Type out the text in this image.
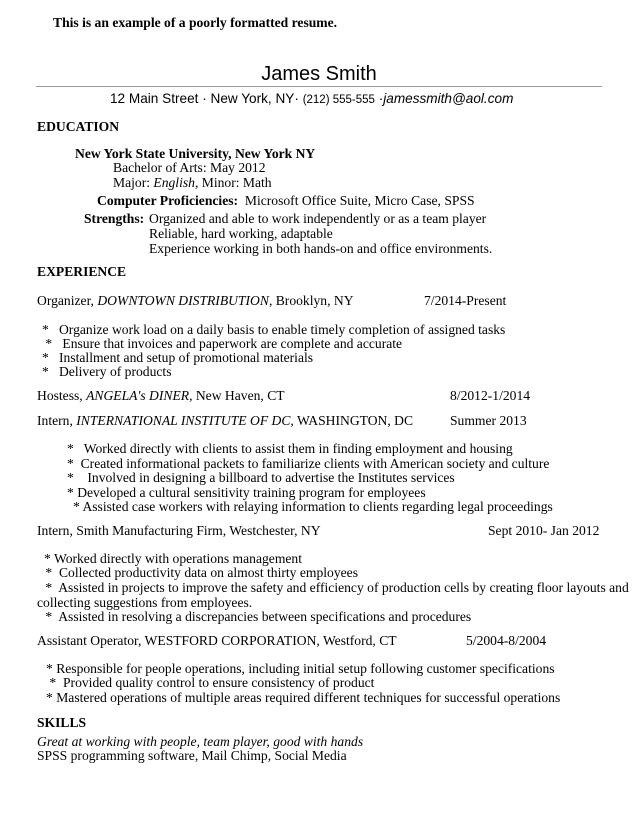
This is an example of a poorly formatted resume.
James Smith
12 Main Street · New York, NY· (212) 555-555 ·jamessmith@aol.com
EDUCATION
New York State University, New York NY
Bachelor of Arts: May 2012
Major: English, Minor: Math
Computer Proficiencies: Microsoft Office Suite, Micro Case, SPSS
Strengths: Organized and able to work independently or as a team player
Reliable, hard working, adaptable
Experience working in both hands-on and office environments.
EXPERIENCE
Organizer, DOWNTOWN DISTRIBUTION, Brooklyn, NY	7/2014-Present
*   Organize work load on a daily basis to enable timely completion of assigned tasks
*   Ensure that invoices and paperwork are complete and accurate
*   Installment and setup of promotional materials
*   Delivery of products
Hostess, ANGELA's DINER, New Haven, CT	8/2012-1/2014
Intern, INTERNATIONAL INSTITUTE OF DC, WASHINGTON, DC	Summer 2013
*   Worked directly with clients to assist them in finding employment and housing
*  Created informational packets to familiarize clients with American society and culture
*    Involved in designing a billboard to advertise the Institutes services
* Developed a cultural sensitivity training program for employees
* Assisted case workers with relaying information to clients regarding legal proceedings
Intern, Smith Manufacturing Firm, Westchester, NY	Sept 2010- Jan 2012
* Worked directly with operations management
*  Collected productivity data on almost thirty employees
*  Assisted in projects to improve the safety and efficiency of production cells by creating floor layouts and
collecting suggestions from employees.
*  Assisted in resolving a discrepancies between specifications and procedures
Assistant Operator, WESTFORD CORPORATION, Westford, CT	5/2004-8/2004
* Responsible for people operations, including initial setup following customer specifications
*  Provided quality control to ensure consistency of product
* Mastered operations of multiple areas required different techniques for successful operations
SKILLS
Great at working with people, team player, good with hands
SPSS programming software, Mail Chimp, Social Media
